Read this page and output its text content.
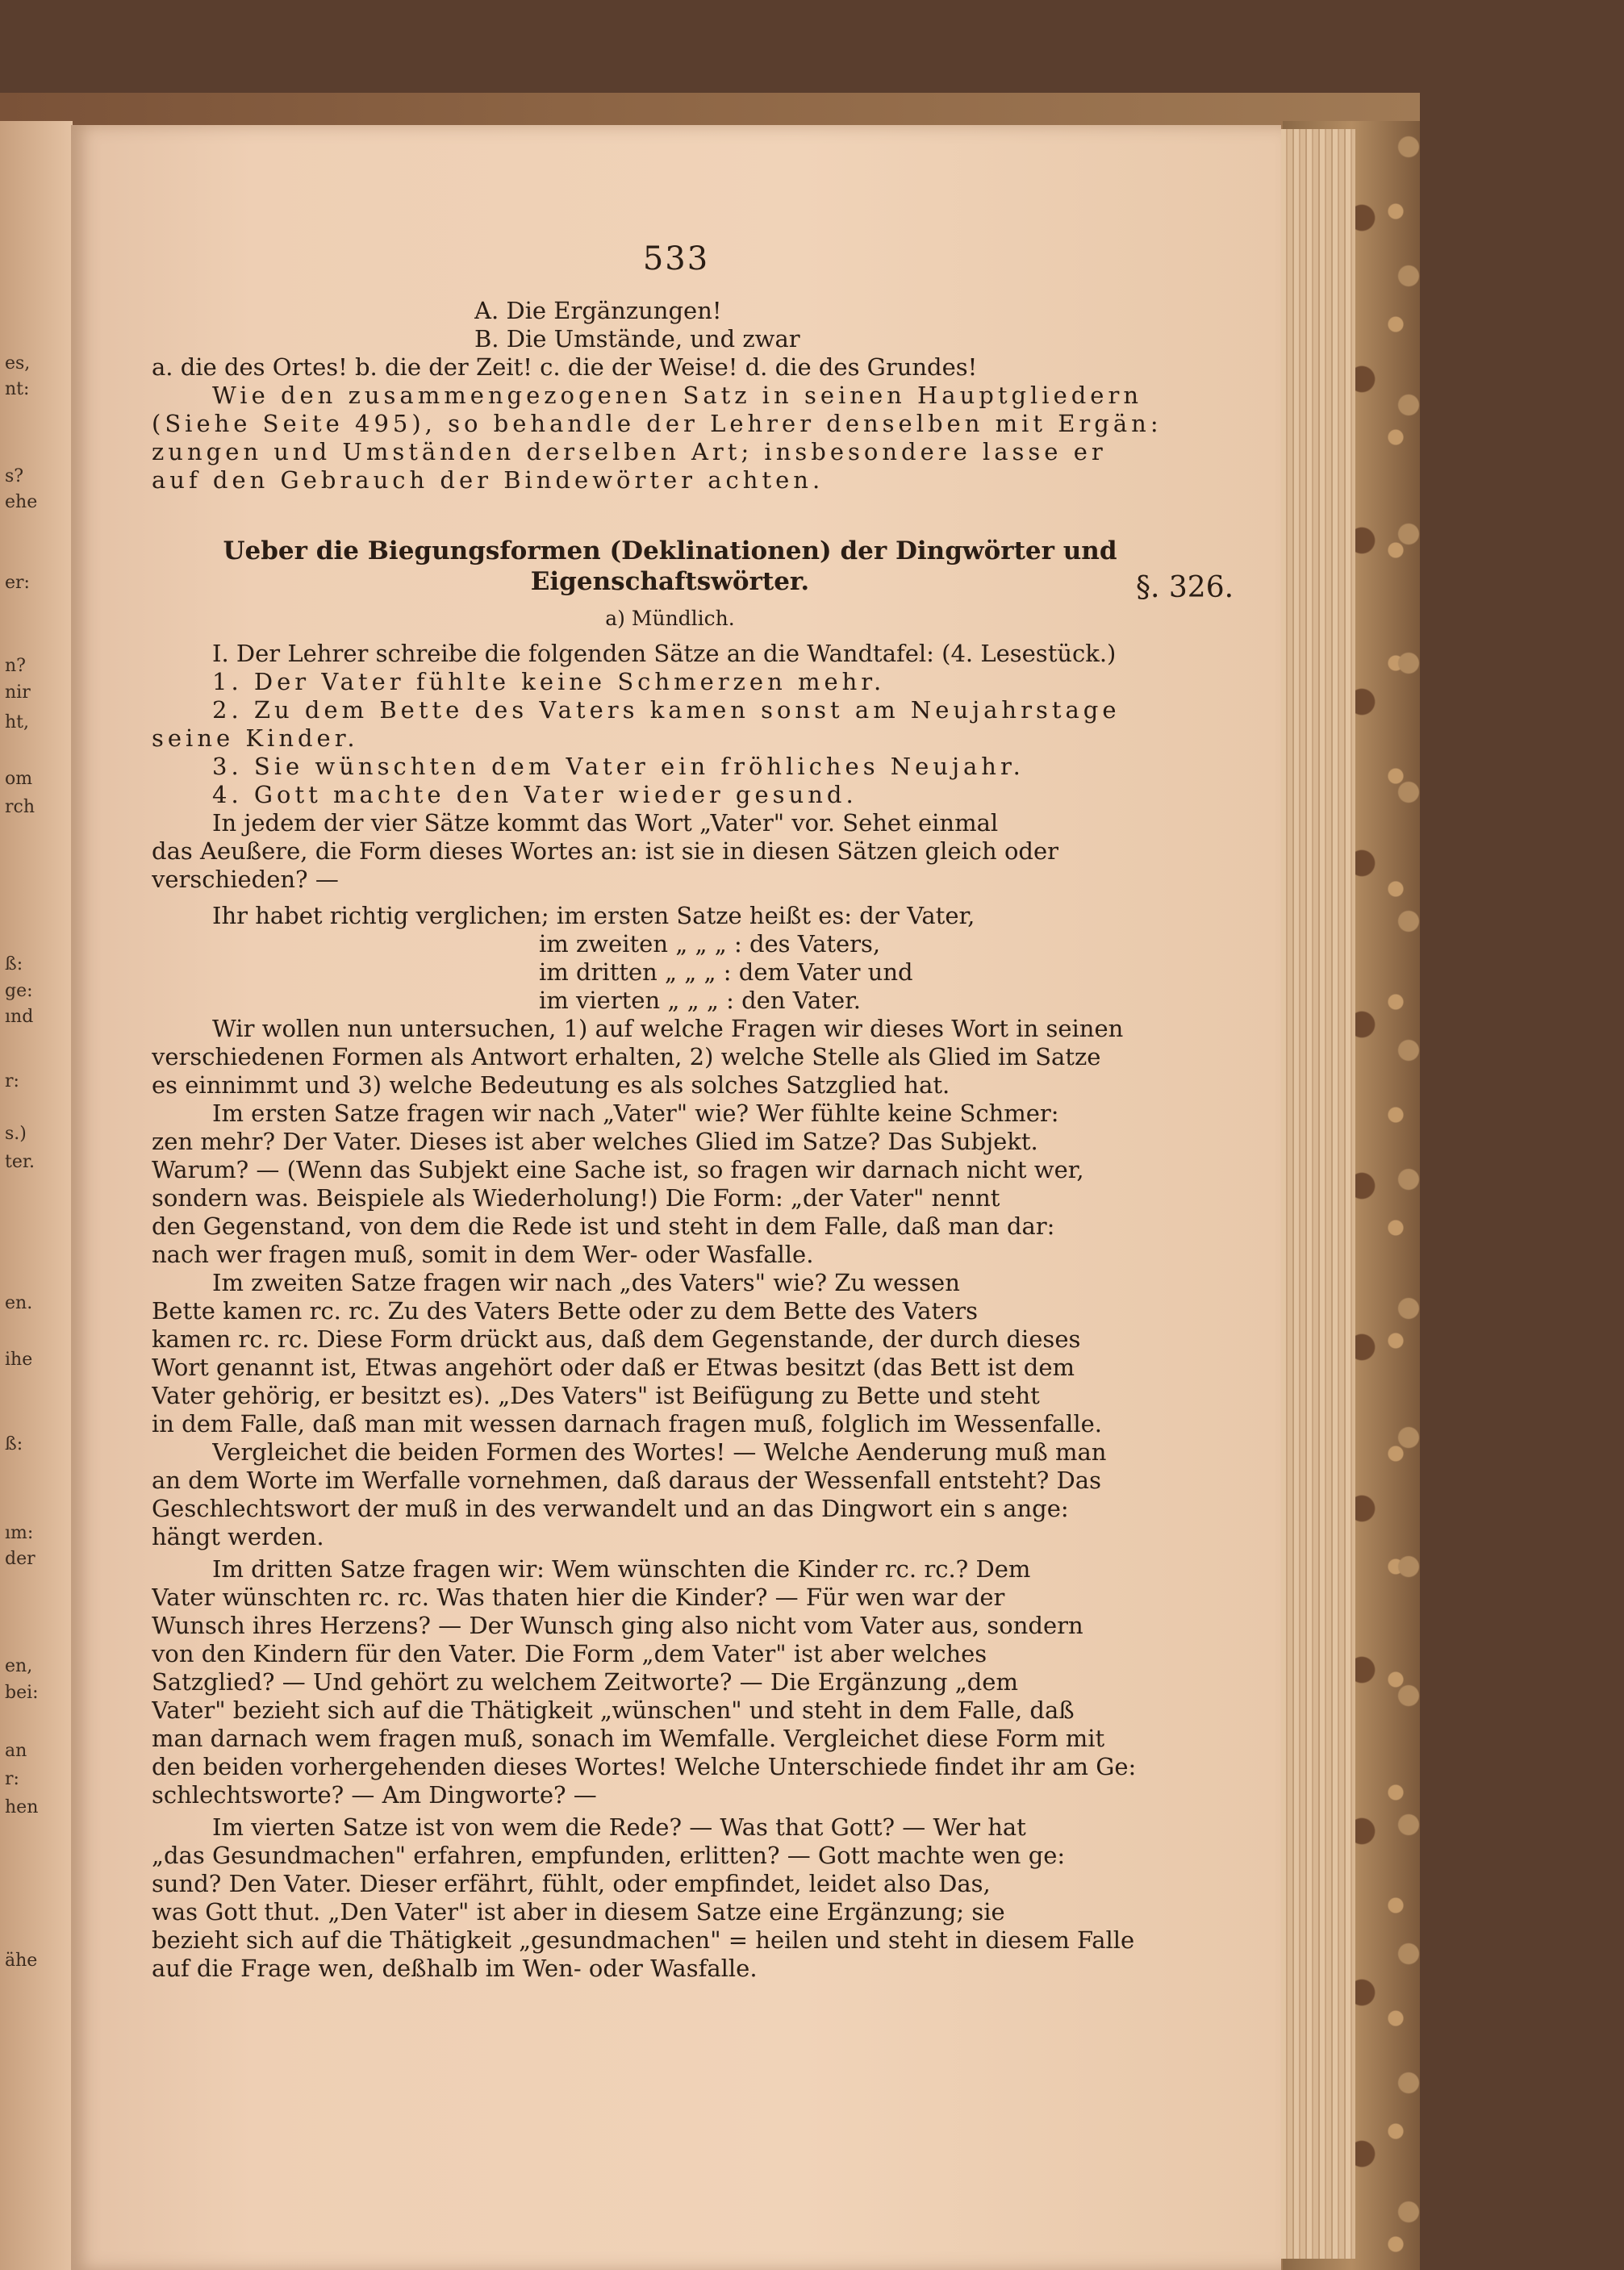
es,
nt:
s?
ehe
er:
n?
nir
ht,
om
rch
ß:
ge:
ınd
r:
s.)
ter.
en.
ihe
ß:
ım:
der
en,
bei:
an
r:
hen
ähe
533
§. 326.
A. Die Ergänzungen!
B. Die Umstände, und zwar
a. die des Ortes! b. die der Zeit! c. die der Weise! d. die des Grundes!
Wie den zusammengezogenen Satz in seinen Hauptgliedern
(Siehe Seite 495), so behandle der Lehrer denselben mit Ergän:
zungen und Umständen derselben Art; insbesondere lasse er
auf den Gebrauch der Bindewörter achten.
Ueber die Biegungsformen (Deklinationen) der Dingwörter und
Eigenschaftswörter.
a) Mündlich.
I. Der Lehrer schreibe die folgenden Sätze an die Wandtafel: (4. Lesestück.)
1. Der Vater fühlte keine Schmerzen mehr.
2. Zu dem Bette des Vaters kamen sonst am Neujahrstage
seine Kinder.
3. Sie wünschten dem Vater ein fröhliches Neujahr.
4. Gott machte den Vater wieder gesund.
In jedem der vier Sätze kommt das Wort „Vater" vor. Sehet einmal
das Aeußere, die Form dieses Wortes an: ist sie in diesen Sätzen gleich oder
verschieden? —
Ihr habet richtig verglichen; im ersten Satze heißt es: der Vater,
im zweiten „ „ „ : des Vaters,
im dritten „ „ „ : dem Vater und
im vierten „ „ „ : den Vater.
Wir wollen nun untersuchen, 1) auf welche Fragen wir dieses Wort in seinen
verschiedenen Formen als Antwort erhalten, 2) welche Stelle als Glied im Satze
es einnimmt und 3) welche Bedeutung es als solches Satzglied hat.
Im ersten Satze fragen wir nach „Vater" wie? Wer fühlte keine Schmer:
zen mehr? Der Vater. Dieses ist aber welches Glied im Satze? Das Subjekt.
Warum? — (Wenn das Subjekt eine Sache ist, so fragen wir darnach nicht wer,
sondern was. Beispiele als Wiederholung!) Die Form: „der Vater" nennt
den Gegenstand, von dem die Rede ist und steht in dem Falle, daß man dar:
nach wer fragen muß, somit in dem Wer- oder Wasfalle.
Im zweiten Satze fragen wir nach „des Vaters" wie? Zu wessen
Bette kamen rc. rc. Zu des Vaters Bette oder zu dem Bette des Vaters
kamen rc. rc. Diese Form drückt aus, daß dem Gegenstande, der durch dieses
Wort genannt ist, Etwas angehört oder daß er Etwas besitzt (das Bett ist dem
Vater gehörig, er besitzt es). „Des Vaters" ist Beifügung zu Bette und steht
in dem Falle, daß man mit wessen darnach fragen muß, folglich im Wessenfalle.
Vergleichet die beiden Formen des Wortes! — Welche Aenderung muß man
an dem Worte im Werfalle vornehmen, daß daraus der Wessenfall entsteht? Das
Geschlechtswort der muß in des verwandelt und an das Dingwort ein s ange:
hängt werden.
Im dritten Satze fragen wir: Wem wünschten die Kinder rc. rc.? Dem
Vater wünschten rc. rc. Was thaten hier die Kinder? — Für wen war der
Wunsch ihres Herzens? — Der Wunsch ging also nicht vom Vater aus, sondern
von den Kindern für den Vater. Die Form „dem Vater" ist aber welches
Satzglied? — Und gehört zu welchem Zeitworte? — Die Ergänzung „dem
Vater" bezieht sich auf die Thätigkeit „wünschen" und steht in dem Falle, daß
man darnach wem fragen muß, sonach im Wemfalle. Vergleichet diese Form mit
den beiden vorhergehenden dieses Wortes! Welche Unterschiede findet ihr am Ge:
schlechtsworte? — Am Dingworte? —
Im vierten Satze ist von wem die Rede? — Was that Gott? — Wer hat
„das Gesundmachen" erfahren, empfunden, erlitten? — Gott machte wen ge:
sund? Den Vater. Dieser erfährt, fühlt, oder empfindet, leidet also Das,
was Gott thut. „Den Vater" ist aber in diesem Satze eine Ergänzung; sie
bezieht sich auf die Thätigkeit „gesundmachen" = heilen und steht in diesem Falle
auf die Frage wen, deßhalb im Wen- oder Wasfalle.
